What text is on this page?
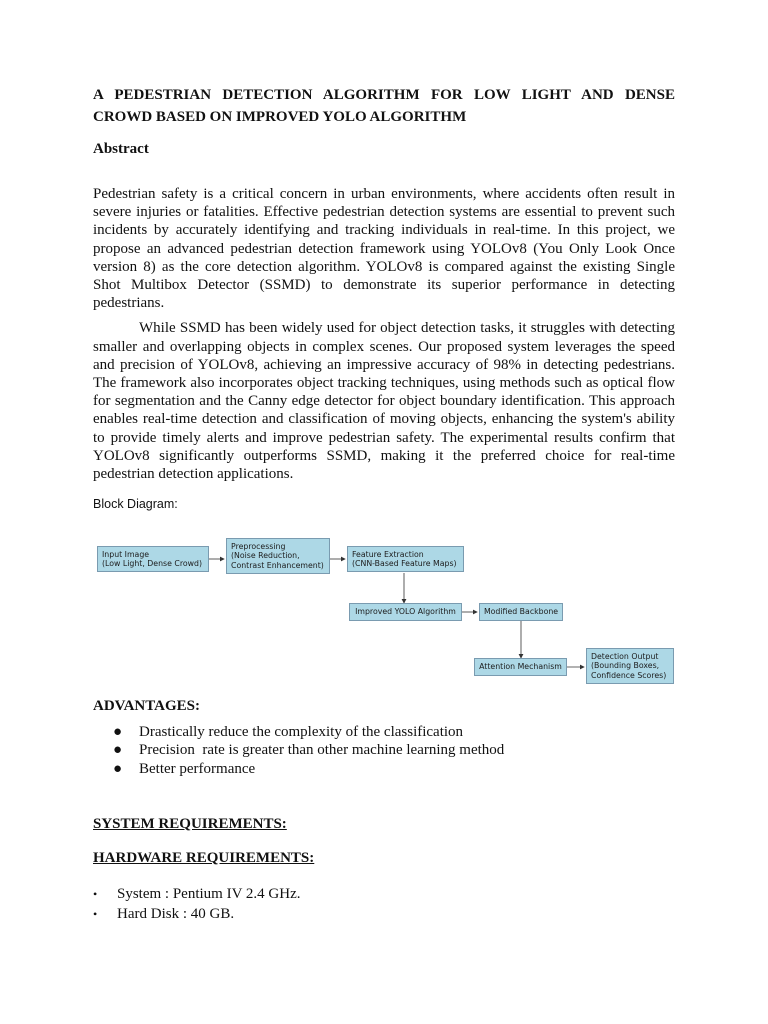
A PEDESTRIAN DETECTION ALGORITHM FOR LOW LIGHT AND DENSE CROWD BASED ON IMPROVED YOLO ALGORITHM

Abstract

Pedestrian safety is a critical concern in urban environments, where accidents often result in severe injuries or fatalities. Effective pedestrian detection systems are essential to prevent such incidents by accurately identifying and tracking individuals in real-time. In this project, we propose an advanced pedestrian detection framework using YOLOv8 (You Only Look Once version 8) as the core detection algorithm. YOLOv8 is compared against the existing Single Shot Multibox Detector (SSMD) to demonstrate its superior performance in detecting pedestrians.

While SSMD has been widely used for object detection tasks, it struggles with detecting smaller and overlapping objects in complex scenes. Our proposed system leverages the speed and precision of YOLOv8, achieving an impressive accuracy of 98% in detecting pedestrians. The framework also incorporates object tracking techniques, using methods such as optical flow for segmentation and the Canny edge detector for object boundary identification. This approach enables real-time detection and classification of moving objects, enhancing the system's ability to provide timely alerts and improve pedestrian safety. The experimental results confirm that YOLOv8 significantly outperforms SSMD, making it the preferred choice for real-time pedestrian detection applications.

Block Diagram:
Input Image
(Low Light, Dense Crowd)
Preprocessing
(Noise Reduction,
Contrast Enhancement)
Feature Extraction
(CNN-Based Feature Maps)
Improved YOLO Algorithm	Modified Backbone
Attention Mechanism
Detection Output
(Bounding Boxes,
Confidence Scores)

ADVANTAGES:

● Drastically reduce the complexity of the classification
● Precision  rate is greater than other machine learning method
● Better performance

SYSTEM REQUIREMENTS:

HARDWARE REQUIREMENTS:

• System : Pentium IV 2.4 GHz.
• Hard Disk : 40 GB.
